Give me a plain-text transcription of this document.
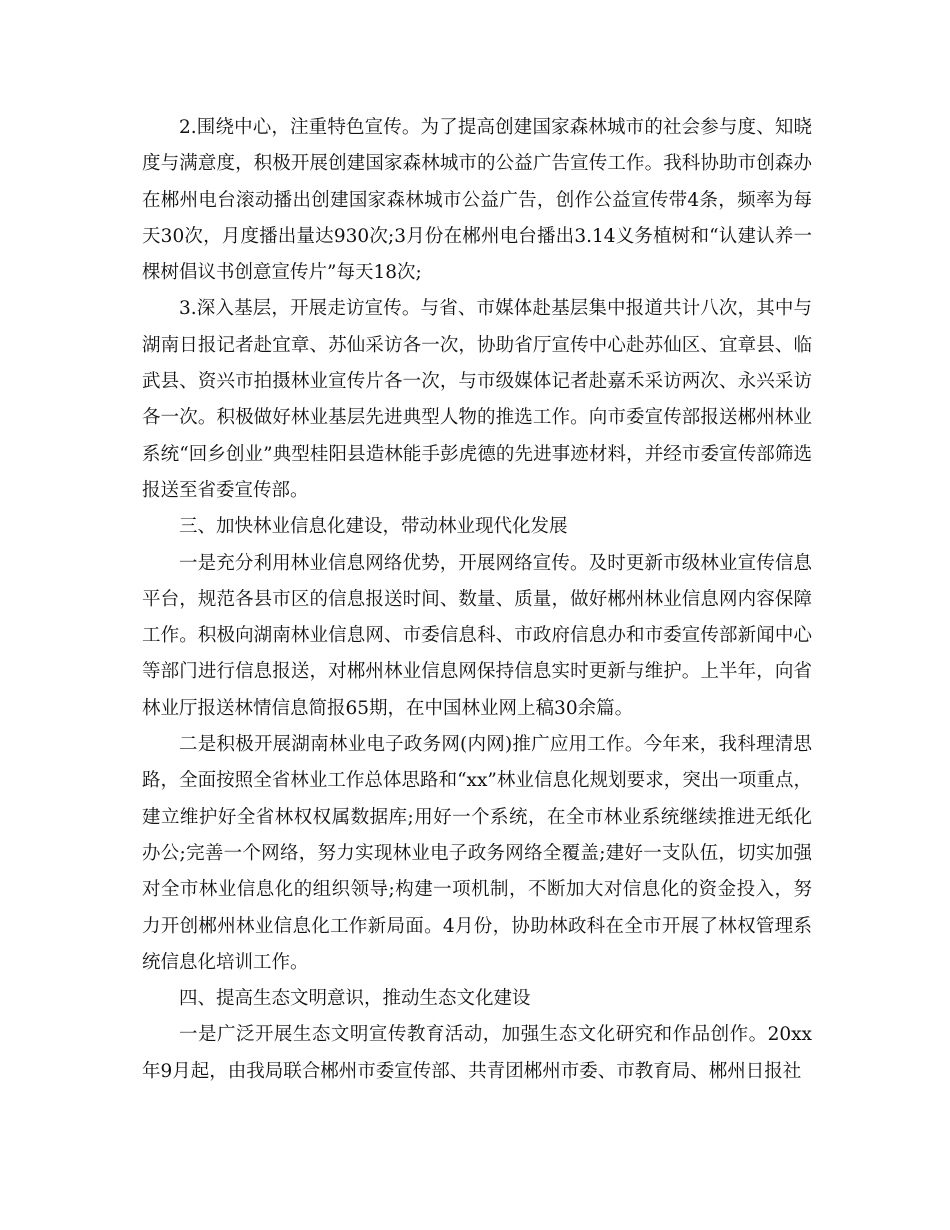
2.围绕中心，注重特色宣传。为了提高创建国家森林城市的社会参与度、知晓度与满意度，积极开展创建国家森林城市的公益广告宣传工作。我科协助市创森办在郴州电台滚动播出创建国家森林城市公益广告，创作公益宣传带4条，频率为每天30次，月度播出量达930次;3月份在郴州电台播出3.14义务植树和“认建认养一棵树倡议书创意宣传片”每天18次;

3.深入基层，开展走访宣传。与省、市媒体赴基层集中报道共计八次，其中与湖南日报记者赴宜章、苏仙采访各一次，协助省厅宣传中心赴苏仙区、宜章县、临武县、资兴市拍摄林业宣传片各一次，与市级媒体记者赴嘉禾采访两次、永兴采访各一次。积极做好林业基层先进典型人物的推选工作。向市委宣传部报送郴州林业系统“回乡创业”典型桂阳县造林能手彭虎德的先进事迹材料，并经市委宣传部筛选报送至省委宣传部。

三、加快林业信息化建设，带动林业现代化发展

一是充分利用林业信息网络优势，开展网络宣传。及时更新市级林业宣传信息平台，规范各县市区的信息报送时间、数量、质量，做好郴州林业信息网内容保障工作。积极向湖南林业信息网、市委信息科、市政府信息办和市委宣传部新闻中心等部门进行信息报送，对郴州林业信息网保持信息实时更新与维护。上半年，向省林业厅报送林情信息简报65期，在中国林业网上稿30余篇。

二是积极开展湖南林业电子政务网(内网)推广应用工作。今年来，我科理清思路，全面按照全省林业工作总体思路和“xx”林业信息化规划要求，突出一项重点，建立维护好全省林权权属数据库;用好一个系统，在全市林业系统继续推进无纸化办公;完善一个网络，努力实现林业电子政务网络全覆盖;建好一支队伍，切实加强对全市林业信息化的组织领导;构建一项机制，不断加大对信息化的资金投入，努力开创郴州林业信息化工作新局面。4月份，协助林政科在全市开展了林权管理系统信息化培训工作。

四、提高生态文明意识，推动生态文化建设

一是广泛开展生态文明宣传教育活动，加强生态文化研究和作品创作。20xx年9月起，由我局联合郴州市委宣传部、共青团郴州市委、市教育局、郴州日报社
